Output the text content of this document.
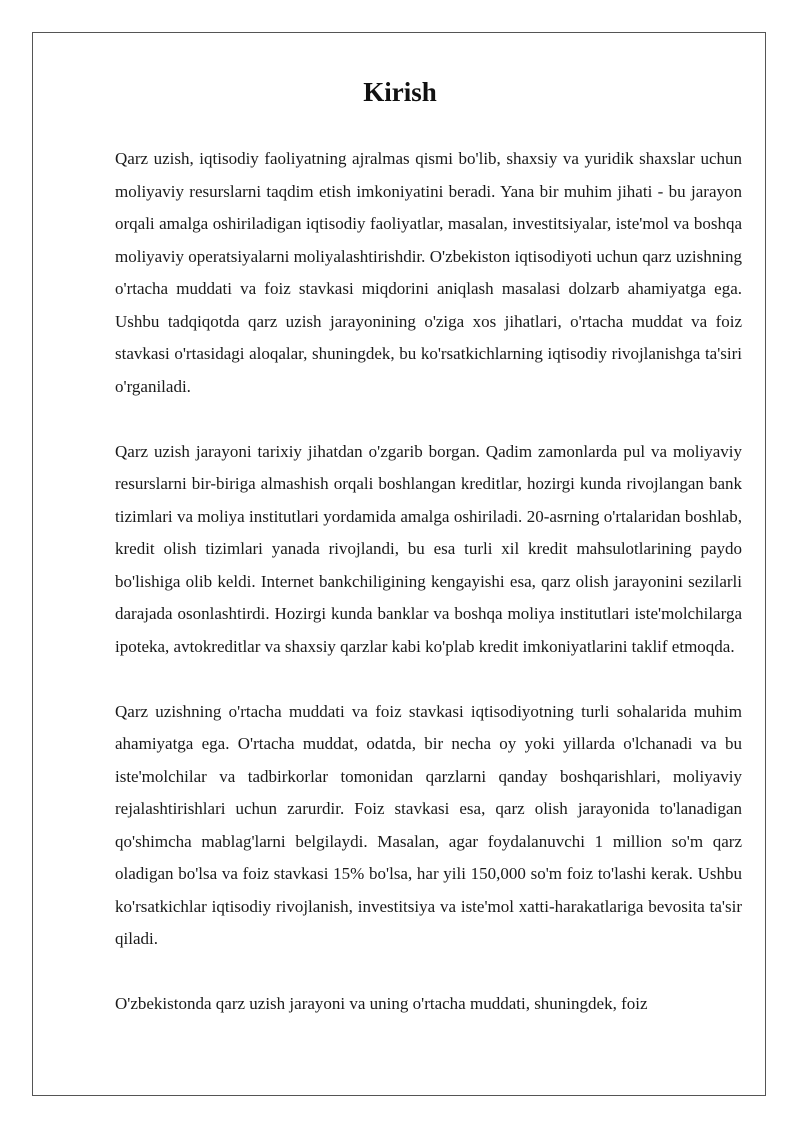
Kirish

Qarz uzish, iqtisodiy faoliyatning ajralmas qismi bo'lib, shaxsiy va yuridik shaxslar uchun moliyaviy resurslarni taqdim etish imkoniyatini beradi. Yana bir muhim jihati - bu jarayon orqali amalga oshiriladigan iqtisodiy faoliyatlar, masalan, investitsiyalar, iste'mol va boshqa moliyaviy operatsiyalarni moliyalashtirishdir. O'zbekiston iqtisodiyoti uchun qarz uzishning o'rtacha muddati va foiz stavkasi miqdorini aniqlash masalasi dolzarb ahamiyatga ega. Ushbu tadqiqotda qarz uzish jarayonining o'ziga xos jihatlari, o'rtacha muddat va foiz stavkasi o'rtasidagi aloqalar, shuningdek, bu ko'rsatkichlarning iqtisodiy rivojlanishga ta'siri o'rganiladi.

Qarz uzish jarayoni tarixiy jihatdan o'zgarib borgan. Qadim zamonlarda pul va moliyaviy resurslarni bir-biriga almashish orqali boshlangan kreditlar, hozirgi kunda rivojlangan bank tizimlari va moliya institutlari yordamida amalga oshiriladi. 20-asrning o'rtalaridan boshlab, kredit olish tizimlari yanada rivojlandi, bu esa turli xil kredit mahsulotlarining paydo bo'lishiga olib keldi. Internet bankchiligining kengayishi esa, qarz olish jarayonini sezilarli darajada osonlashtirdi. Hozirgi kunda banklar va boshqa moliya institutlari iste'molchilarga ipoteka, avtokreditlar va shaxsiy qarzlar kabi ko'plab kredit imkoniyatlarini taklif etmoqda.

Qarz uzishning o'rtacha muddati va foiz stavkasi iqtisodiyotning turli sohalarida muhim ahamiyatga ega. O'rtacha muddat, odatda, bir necha oy yoki yillarda o'lchanadi va bu iste'molchilar va tadbirkorlar tomonidan qarzlarni qanday boshqarishlari, moliyaviy rejalashtirishlari uchun zarurdir. Foiz stavkasi esa, qarz olish jarayonida to'lanadigan qo'shimcha mablag'larni belgilaydi. Masalan, agar foydalanuvchi 1 million so'm qarz oladigan bo'lsa va foiz stavkasi 15% bo'lsa, har yili 150,000 so'm foiz to'lashi kerak. Ushbu ko'rsatkichlar iqtisodiy rivojlanish, investitsiya va iste'mol xatti-harakatlariga bevosita ta'sir qiladi.

O'zbekistonda qarz uzish jarayoni va uning o'rtacha muddati, shuningdek, foiz
